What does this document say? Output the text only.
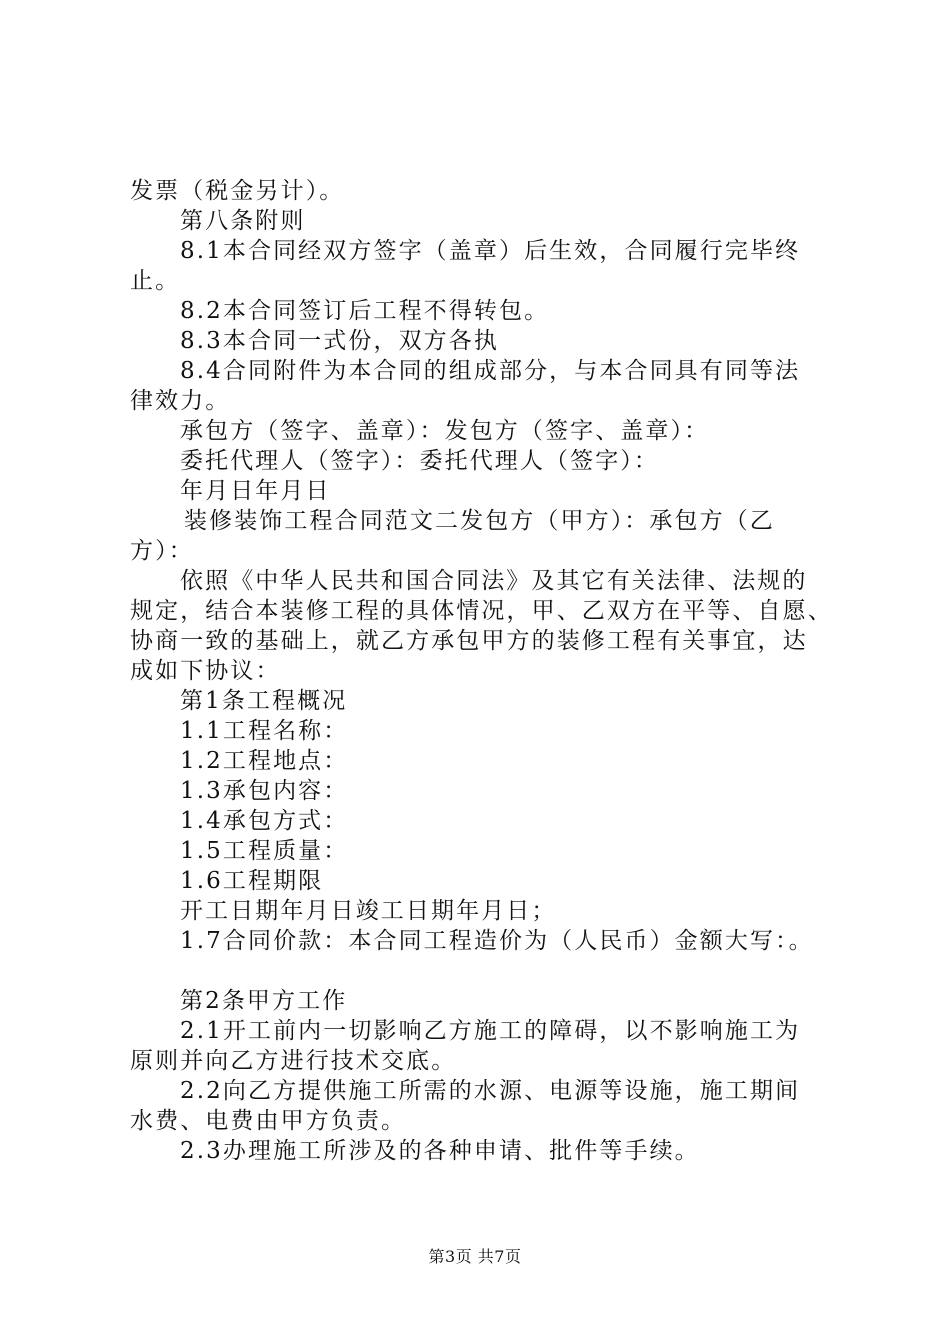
发票（税金另计）。
第八条附则
8.1本合同经双方签字（盖章）后生效，合同履行完毕终
止。
8.2本合同签订后工程不得转包。
8.3本合同一式份，双方各执
8.4合同附件为本合同的组成部分，与本合同具有同等法
律效力。
承包方（签字、盖章）：发包方（签字、盖章）：
委托代理人（签字）：委托代理人（签字）：
年月日年月日
装修装饰工程合同范文二发包方（甲方）：承包方（乙
方）：
依照《中华人民共和国合同法》及其它有关法律、法规的
规定，结合本装修工程的具体情况，甲、乙双方在平等、自愿、
协商一致的基础上，就乙方承包甲方的装修工程有关事宜，达
成如下协议：
第1条工程概况
1.1工程名称：
1.2工程地点：
1.3承包内容：
1.4承包方式：
1.5工程质量：
1.6工程期限
开工日期年月日竣工日期年月日；
1.7合同价款：本合同工程造价为（人民币）金额大写：。
第2条甲方工作
2.1开工前内一切影响乙方施工的障碍，以不影响施工为
原则并向乙方进行技术交底。
2.2向乙方提供施工所需的水源、电源等设施，施工期间
水费、电费由甲方负责。
2.3办理施工所涉及的各种申请、批件等手续。
第3页 共7页
